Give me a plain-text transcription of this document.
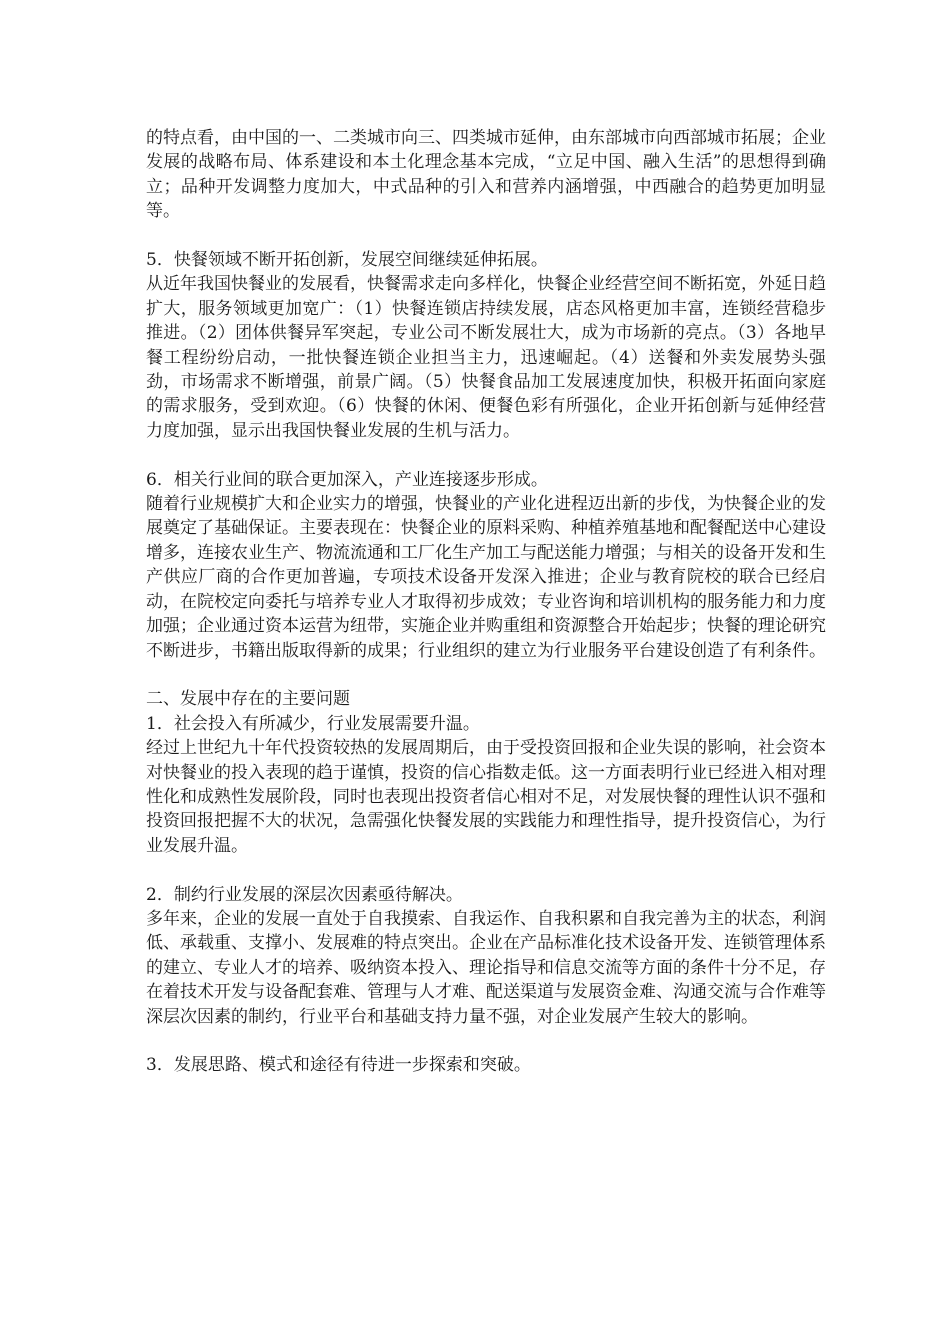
的特点看，由中国的一、二类城市向三、四类城市延伸，由东部城市向西部城市拓展；企业发展的战略布局、体系建设和本土化理念基本完成，“立足中国、融入生活”的思想得到确立；品种开发调整力度加大，中式品种的引入和营养内涵增强，中西融合的趋势更加明显等。

5．快餐领域不断开拓创新，发展空间继续延伸拓展。

从近年我国快餐业的发展看，快餐需求走向多样化，快餐企业经营空间不断拓宽，外延日趋扩大，服务领域更加宽广：（1）快餐连锁店持续发展，店态风格更加丰富，连锁经营稳步推进。（2）团体供餐异军突起，专业公司不断发展壮大，成为市场新的亮点。（3）各地早餐工程纷纷启动，一批快餐连锁企业担当主力，迅速崛起。（4）送餐和外卖发展势头强劲，市场需求不断增强，前景广阔。（5）快餐食品加工发展速度加快，积极开拓面向家庭的需求服务，受到欢迎。（6）快餐的休闲、便餐色彩有所强化，企业开拓创新与延伸经营力度加强，显示出我国快餐业发展的生机与活力。

6．相关行业间的联合更加深入，产业连接逐步形成。

随着行业规模扩大和企业实力的增强，快餐业的产业化进程迈出新的步伐，为快餐企业的发展奠定了基础保证。主要表现在：快餐企业的原料采购、种植养殖基地和配餐配送中心建设增多，连接农业生产、物流流通和工厂化生产加工与配送能力增强；与相关的设备开发和生产供应厂商的合作更加普遍，专项技术设备开发深入推进；企业与教育院校的联合已经启动，在院校定向委托与培养专业人才取得初步成效；专业咨询和培训机构的服务能力和力度加强；企业通过资本运营为纽带，实施企业并购重组和资源整合开始起步；快餐的理论研究不断进步，书籍出版取得新的成果；行业组织的建立为行业服务平台建设创造了有利条件。

二、发展中存在的主要问题

1．社会投入有所减少，行业发展需要升温。

经过上世纪九十年代投资较热的发展周期后，由于受投资回报和企业失误的影响，社会资本对快餐业的投入表现的趋于谨慎，投资的信心指数走低。这一方面表明行业已经进入相对理性化和成熟性发展阶段，同时也表现出投资者信心相对不足，对发展快餐的理性认识不强和投资回报把握不大的状况，急需强化快餐发展的实践能力和理性指导，提升投资信心，为行业发展升温。

2．制约行业发展的深层次因素亟待解决。

多年来，企业的发展一直处于自我摸索、自我运作、自我积累和自我完善为主的状态，利润低、承载重、支撑小、发展难的特点突出。企业在产品标准化技术设备开发、连锁管理体系的建立、专业人才的培养、吸纳资本投入、理论指导和信息交流等方面的条件十分不足，存在着技术开发与设备配套难、管理与人才难、配送渠道与发展资金难、沟通交流与合作难等深层次因素的制约，行业平台和基础支持力量不强，对企业发展产生较大的影响。

3．发展思路、模式和途径有待进一步探索和突破。
